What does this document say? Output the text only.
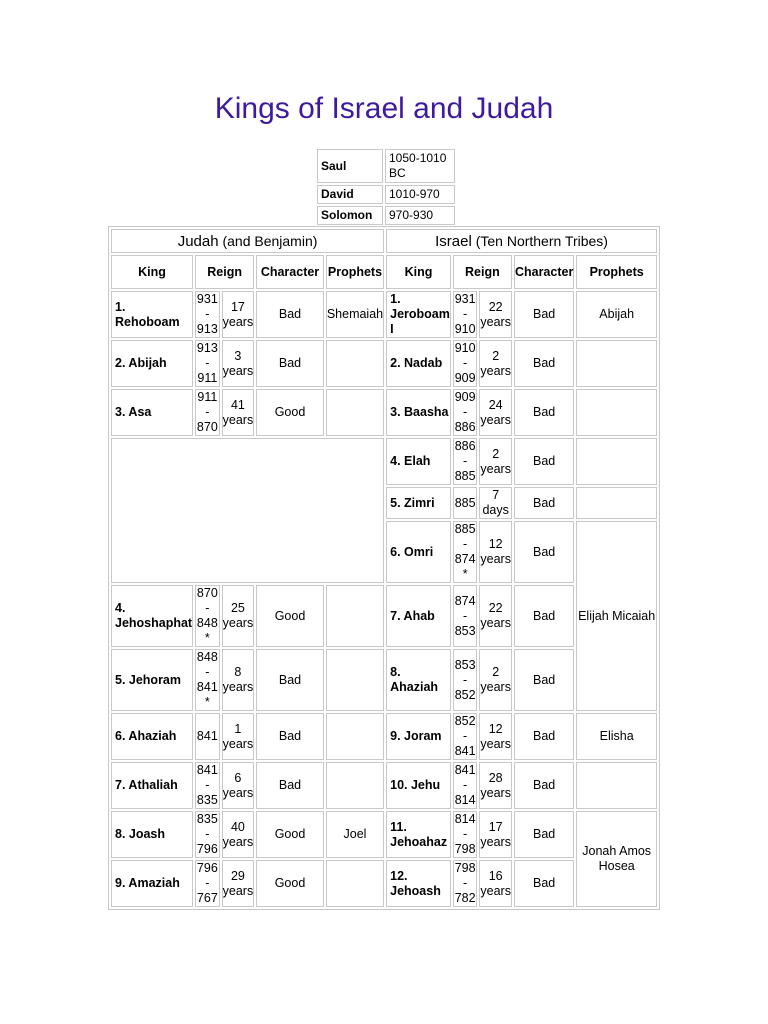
Kings of Israel and Judah
Saul	1050-1010 BC
David	1010-970
Solomon	970-930
Judah (and Benjamin)					Israel (Ten Northern Tribes)				
King	Reign		Character	Prophets	King	Reign		Character	Prophets
1. Rehoboam	931 - 913	17 years	Bad	Shemaiah	1. Jeroboam I	931 - 910	22 years	Bad	Abijah
2. Abijah	913 - 911	3 years	Bad		2. Nadab	910 - 909	2 years	Bad	
3. Asa	911 - 870	41 years	Good		3. Baasha	909 - 886	24 years	Bad	
					4. Elah	886 - 885	2 years	Bad	
					5. Zimri	885	7 days	Bad	
					6. Omri	885 - 874 *	12 years	Bad	Elijah Micaiah
4. Jehoshaphat	870 - 848 *	25 years	Good		7. Ahab	874 - 853	22 years	Bad	
5. Jehoram	848 - 841 *	8 years	Bad		8. Ahaziah	853 - 852	2 years	Bad	
6. Ahaziah	841	1 years	Bad		9. Joram	852 - 841	12 years	Bad	Elisha
7. Athaliah	841 - 835	6 years	Bad		10. Jehu	841 - 814	28 years	Bad	
8. Joash	835 - 796	40 years	Good	Joel	11. Jehoahaz	814 - 798	17 years	Bad	Jonah Amos Hosea
9. Amaziah	796 - 767	29 years	Good		12. Jehoash	798 - 782	16 years	Bad	
